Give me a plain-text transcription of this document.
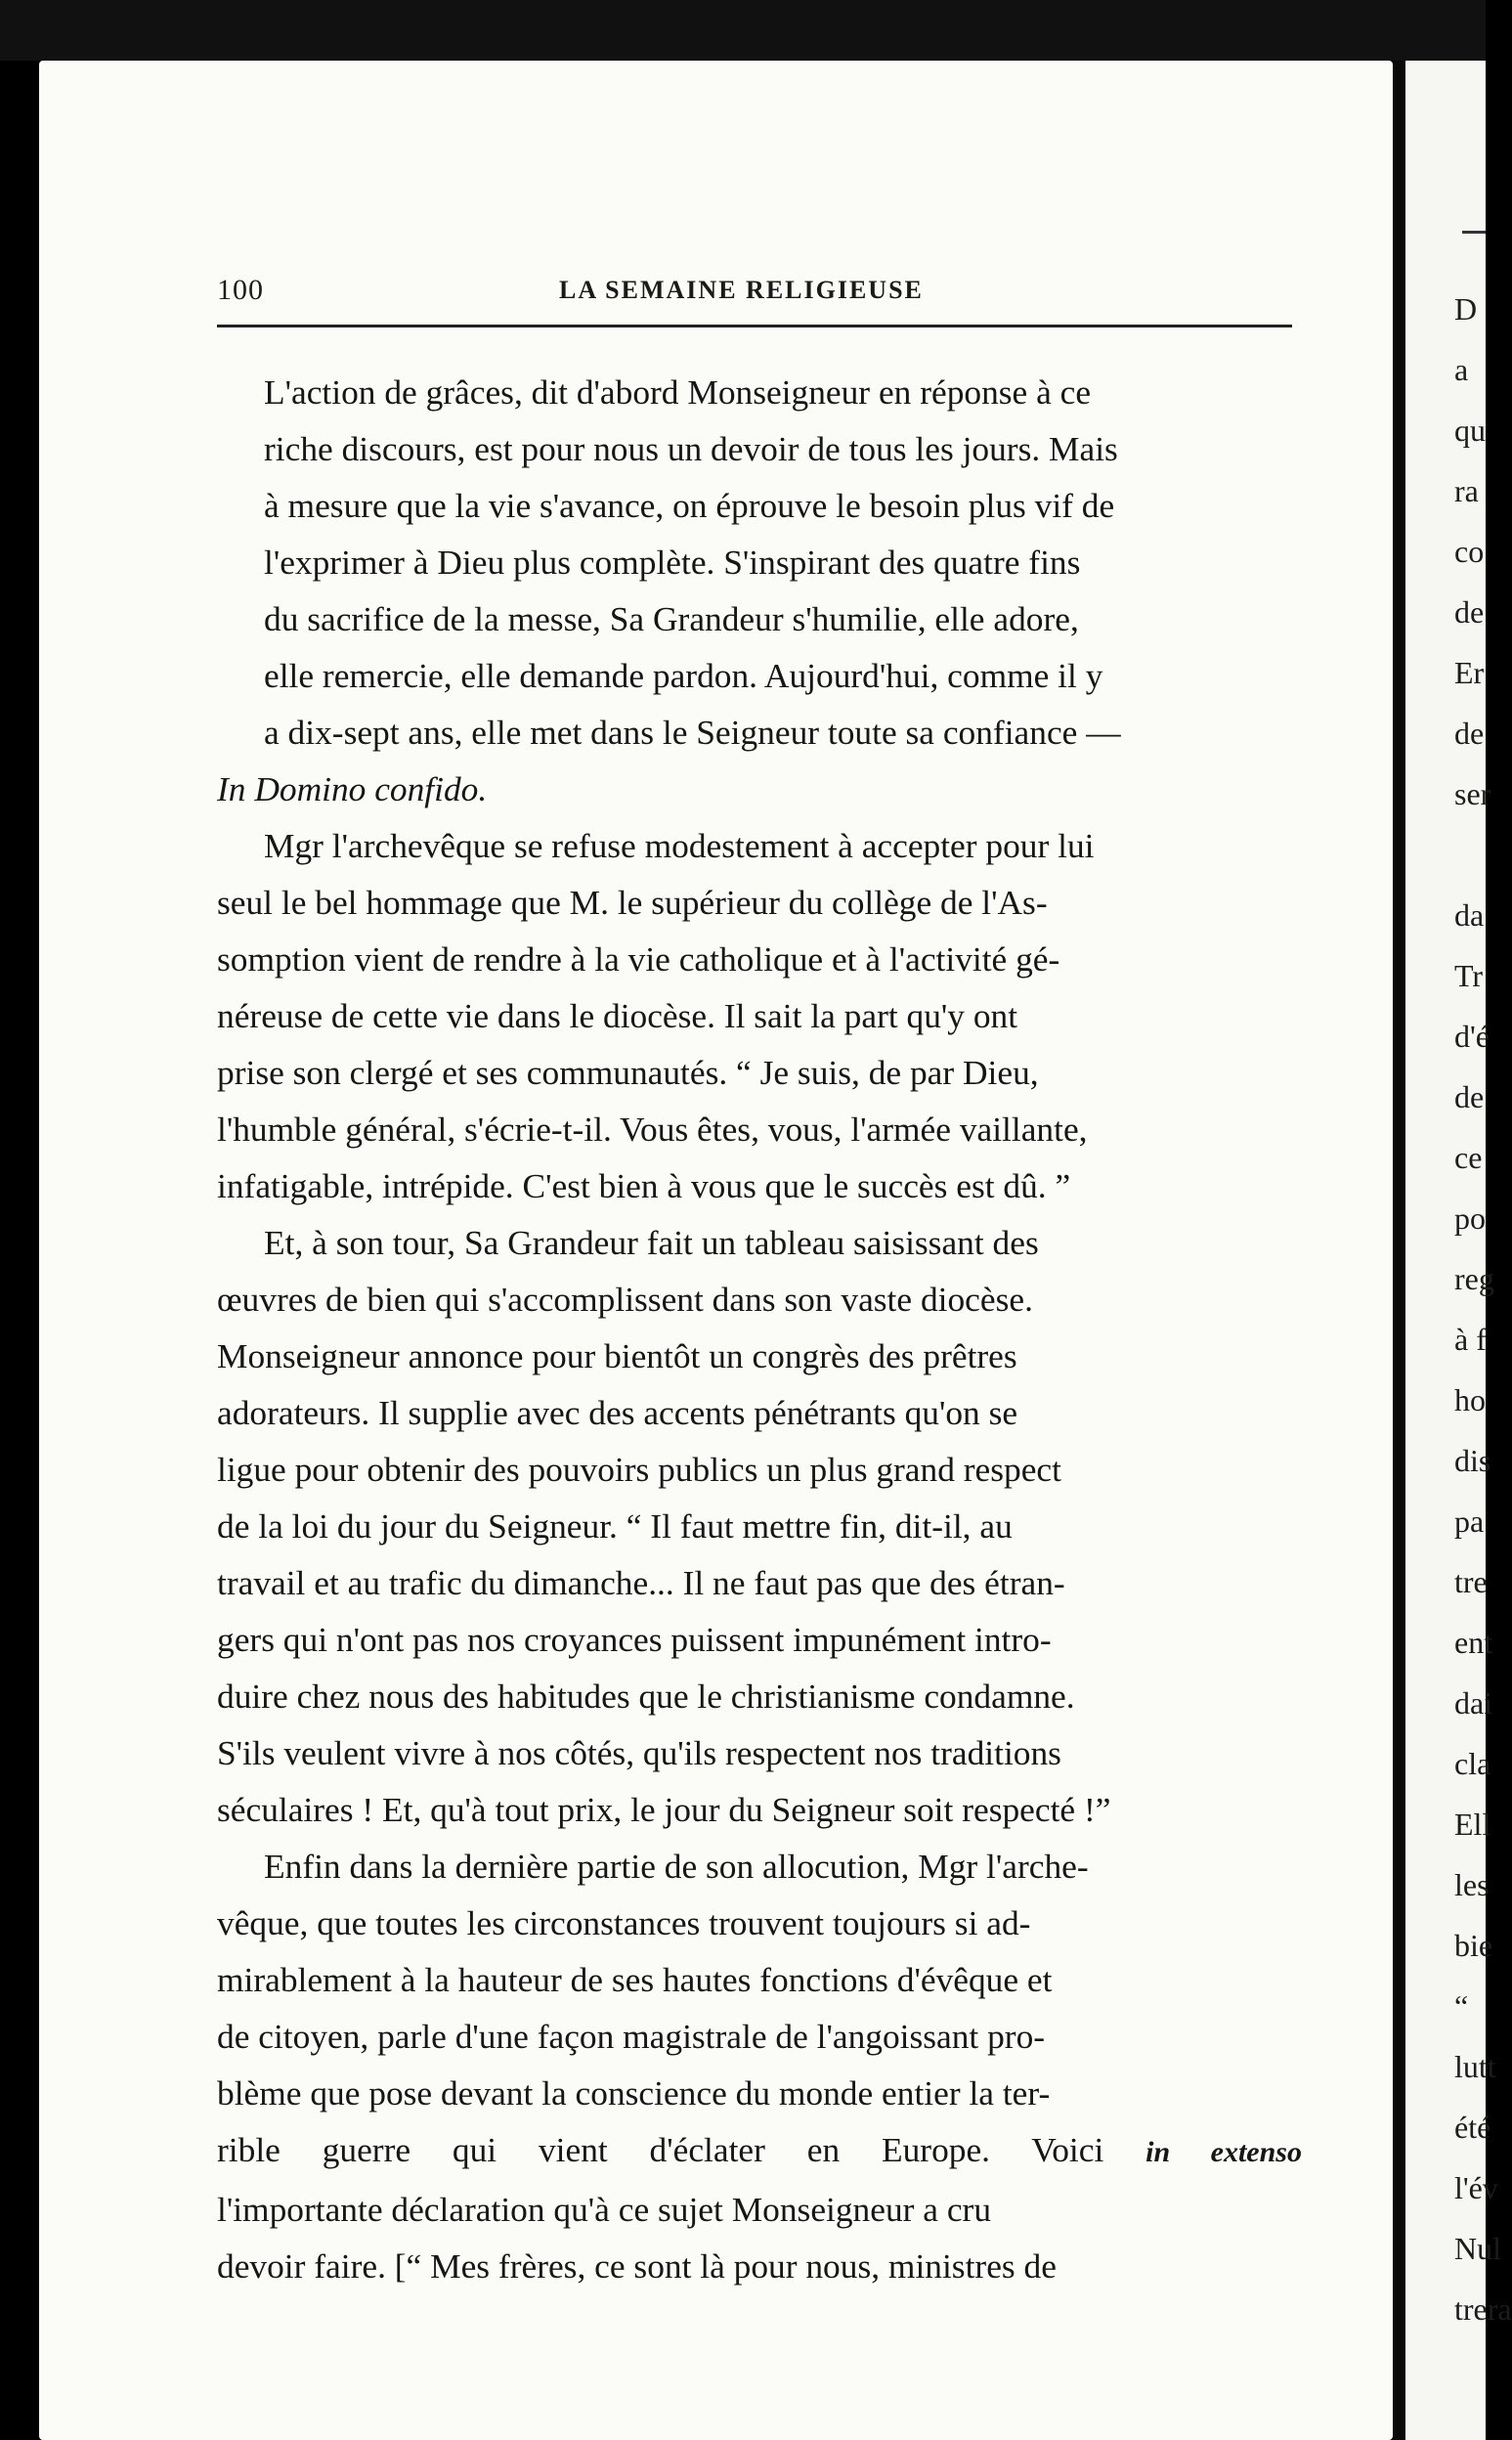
100	LA SEMAINE RELIGIEUSE

L'action de grâces, dit d'abord Monseigneur en réponse à ce
riche discours, est pour nous un devoir de tous les jours. Mais
à mesure que la vie s'avance, on éprouve le besoin plus vif de
l'exprimer à Dieu plus complète. S'inspirant des quatre fins
du sacrifice de la messe, Sa Grandeur s'humilie, elle adore,
elle remercie, elle demande pardon. Aujourd'hui, comme il y
a dix-sept ans, elle met dans le Seigneur toute sa confiance —
In Domino confido.

Mgr l'archevêque se refuse modestement à accepter pour lui
seul le bel hommage que M. le supérieur du collège de l'As-
somption vient de rendre à la vie catholique et à l'activité gé-
néreuse de cette vie dans le diocèse. Il sait la part qu'y ont
prise son clergé et ses communautés. “ Je suis, de par Dieu,
l'humble général, s'écrie-t-il. Vous êtes, vous, l'armée vaillante,
infatigable, intrépide. C'est bien à vous que le succès est dû. ”

Et, à son tour, Sa Grandeur fait un tableau saisissant des
œuvres de bien qui s'accomplissent dans son vaste diocèse.
Monseigneur annonce pour bientôt un congrès des prêtres
adorateurs. Il supplie avec des accents pénétrants qu'on se
ligue pour obtenir des pouvoirs publics un plus grand respect
de la loi du jour du Seigneur. “ Il faut mettre fin, dit-il, au
travail et au trafic du dimanche... Il ne faut pas que des étran-
gers qui n'ont pas nos croyances puissent impunément intro-
duire chez nous des habitudes que le christianisme condamne.
S'ils veulent vivre à nos côtés, qu'ils respectent nos traditions
séculaires ! Et, qu'à tout prix, le jour du Seigneur soit respecté !”

Enfin dans la dernière partie de son allocution, Mgr l'arche-
vêque, que toutes les circonstances trouvent toujours si ad-
mirablement à la hauteur de ses hautes fonctions d'évêque et
de citoyen, parle d'une façon magistrale de l'angoissant pro-
blème que pose devant la conscience du monde entier la ter-
rible guerre qui vient d'éclater en Europe. Voici in extenso
l'importante déclaration qu'à ce sujet Monseigneur a cru
devoir faire. [“ Mes frères, ce sont là pour nous, ministres de

D
a
qu
ra
co
de
Er
de
ser
da
Tr
d'é
de
ce
po
reg
à f
ho
dis
pa
tre
ent
dai
cla
Ell
les
bie
“
lutt
été
l'év
Nul
trera
